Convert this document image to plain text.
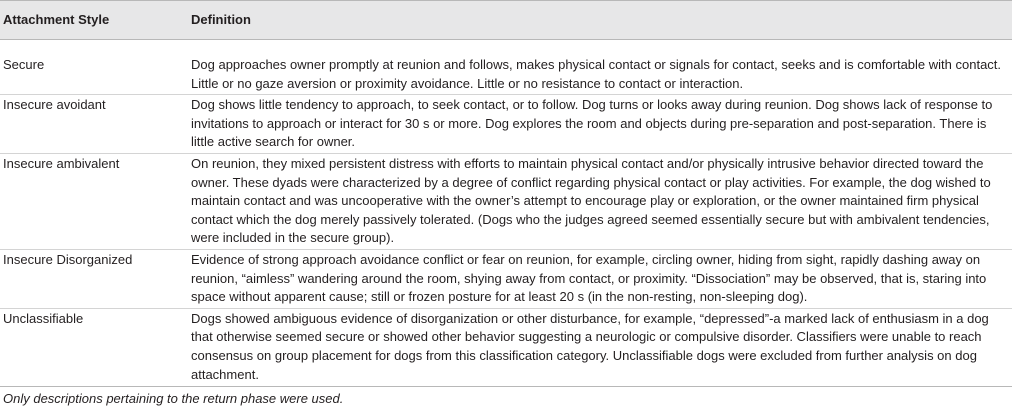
Attachment Style	Definition
Secure	Dog approaches owner promptly at reunion and follows, makes physical contact or signals for contact, seeks and is comfortable with contact. Little or no gaze aversion or proximity avoidance. Little or no resistance to contact or interaction.
Insecure avoidant	Dog shows little tendency to approach, to seek contact, or to follow. Dog turns or looks away during reunion. Dog shows lack of response to invitations to approach or interact for 30 s or more. Dog explores the room and objects during pre-separation and post-separation. There is little active search for owner.
Insecure ambivalent	On reunion, they mixed persistent distress with efforts to maintain physical contact and/or physically intrusive behavior directed toward the owner. These dyads were characterized by a degree of conflict regarding physical contact or play activities. For example, the dog wished to maintain contact and was uncooperative with the owner’s attempt to encourage play or exploration, or the owner maintained firm physical contact which the dog merely passively tolerated. (Dogs who the judges agreed seemed essentially secure but with ambivalent tendencies, were included in the secure group).
Insecure Disorganized	Evidence of strong approach avoidance conflict or fear on reunion, for example, circling owner, hiding from sight, rapidly dashing away on reunion, “aimless” wandering around the room, shying away from contact, or proximity. “Dissociation” may be observed, that is, staring into space without apparent cause; still or frozen posture for at least 20 s (in the non-resting, non-sleeping dog).
Unclassifiable	Dogs showed ambiguous evidence of disorganization or other disturbance, for example, “depressed”-a marked lack of enthusiasm in a dog that otherwise seemed secure or showed other behavior suggesting a neurologic or compulsive disorder. Classifiers were unable to reach consensus on group placement for dogs from this classification category. Unclassifiable dogs were excluded from further analysis on dog attachment.
Only descriptions pertaining to the return phase were used.
